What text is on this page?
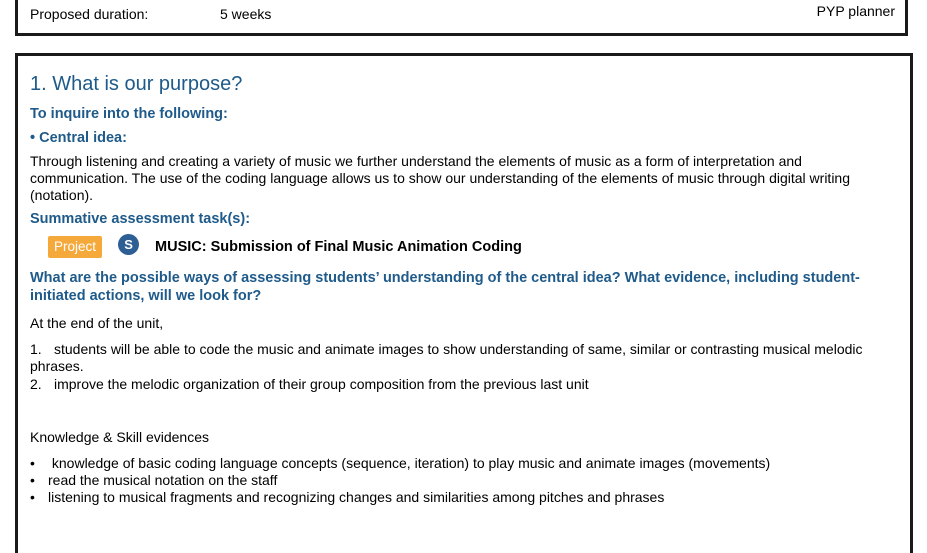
Proposed duration:	5 weeks	PYP planner
1. What is our purpose?
To inquire into the following:
• Central idea:
Through listening and creating a variety of music we further understand the elements of music as a form of interpretation and communication. The use of the coding language allows us to show our understanding of the elements of music through digital writing (notation).
Summative assessment task(s):
Project	S	MUSIC: Submission of Final Music Animation Coding
What are the possible ways of assessing students’ understanding of the central idea? What evidence, including student-initiated actions, will we look for?
At the end of the unit,
1. students will be able to code the music and animate images to show understanding of same, similar or contrasting musical melodic phrases.
2. improve the melodic organization of their group composition from the previous last unit
Knowledge & Skill evidences
• knowledge of basic coding language concepts (sequence, iteration) to play music and animate images (movements)
• read the musical notation on the staff
• listening to musical fragments and recognizing changes and similarities among pitches and phrases
